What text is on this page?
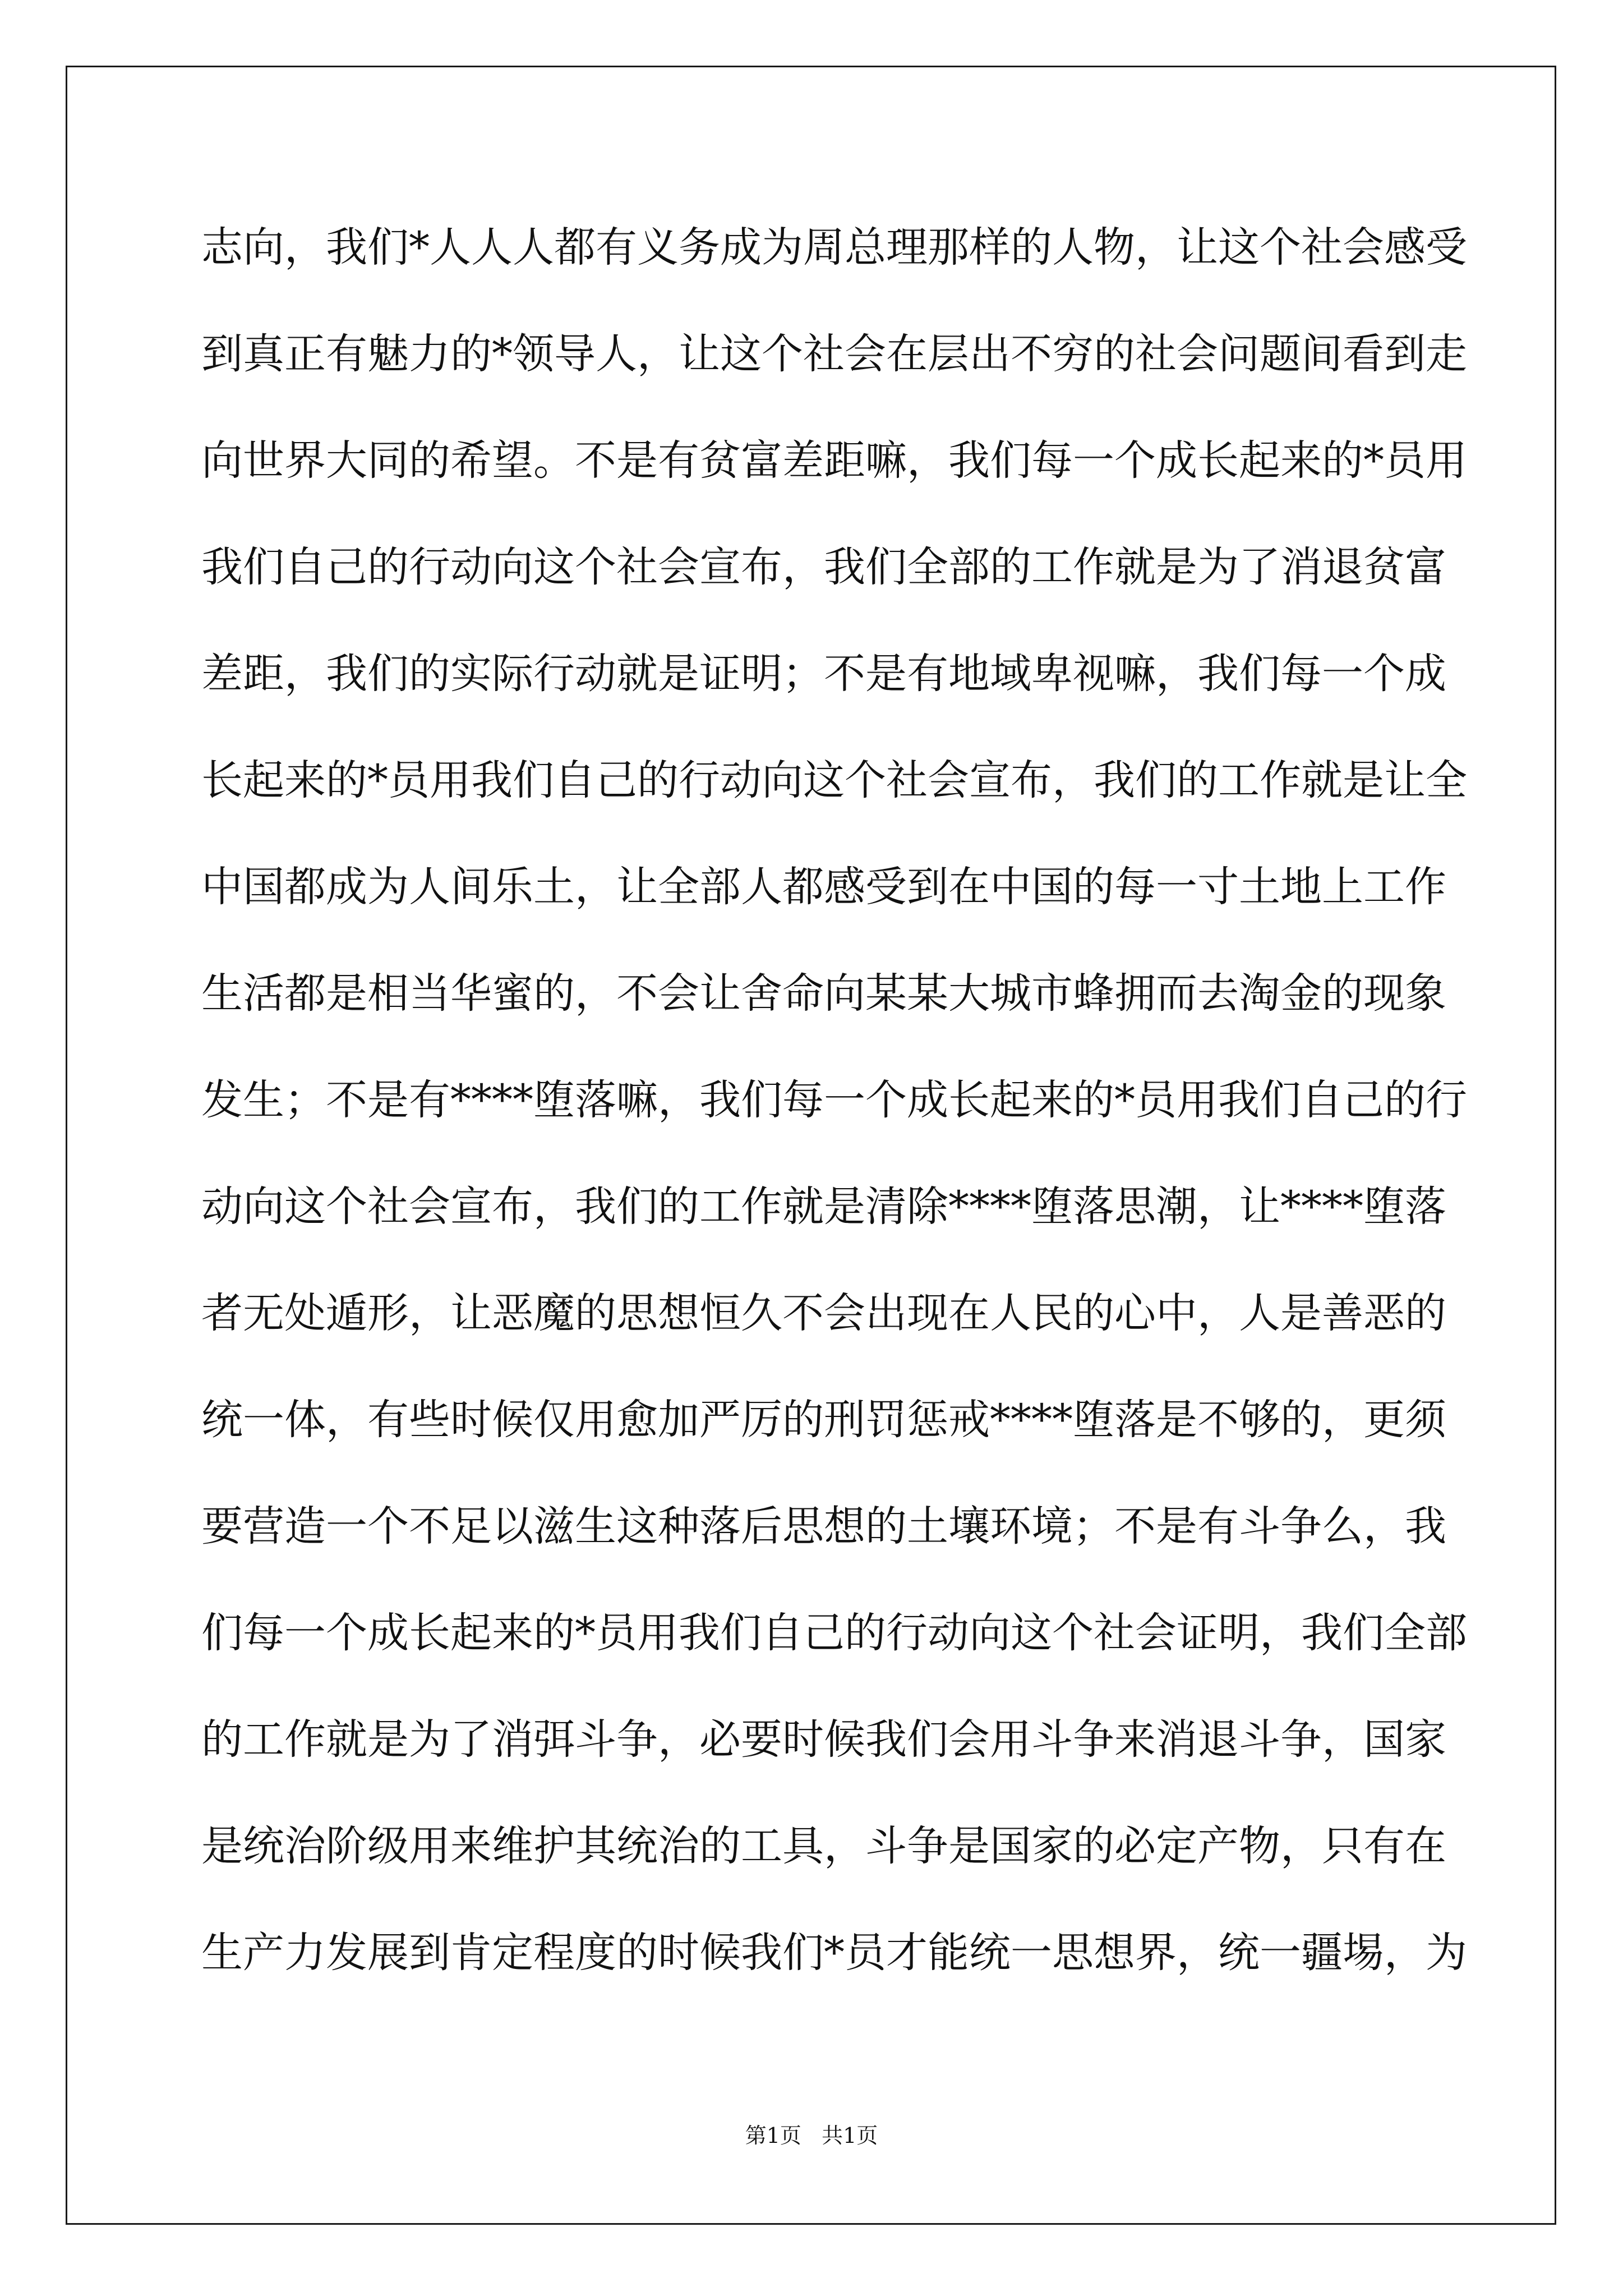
志向，我们*人人人都有义务成为周总理那样的人物，让这个社会感受
到真正有魅力的*领导人，让这个社会在层出不穷的社会问题间看到走
向世界大同的希望。不是有贫富差距嘛，我们每一个成长起来的*员用
我们自己的行动向这个社会宣布，我们全部的工作就是为了消退贫富
差距，我们的实际行动就是证明；不是有地域卑视嘛，我们每一个成
长起来的*员用我们自己的行动向这个社会宣布，我们的工作就是让全
中国都成为人间乐土，让全部人都感受到在中国的每一寸土地上工作
生活都是相当华蜜的，不会让舍命向某某大城市蜂拥而去淘金的现象
发生；不是有****堕落嘛，我们每一个成长起来的*员用我们自己的行
动向这个社会宣布，我们的工作就是清除****堕落思潮，让****堕落
者无处遁形，让恶魔的思想恒久不会出现在人民的心中，人是善恶的
统一体，有些时候仅用愈加严厉的刑罚惩戒****堕落是不够的，更须
要营造一个不足以滋生这种落后思想的土壤环境；不是有斗争么，我
们每一个成长起来的*员用我们自己的行动向这个社会证明，我们全部
的工作就是为了消弭斗争，必要时候我们会用斗争来消退斗争，国家
是统治阶级用来维护其统治的工具，斗争是国家的必定产物，只有在
生产力发展到肯定程度的时候我们*员才能统一思想界，统一疆埸，为
第1页   共1页
